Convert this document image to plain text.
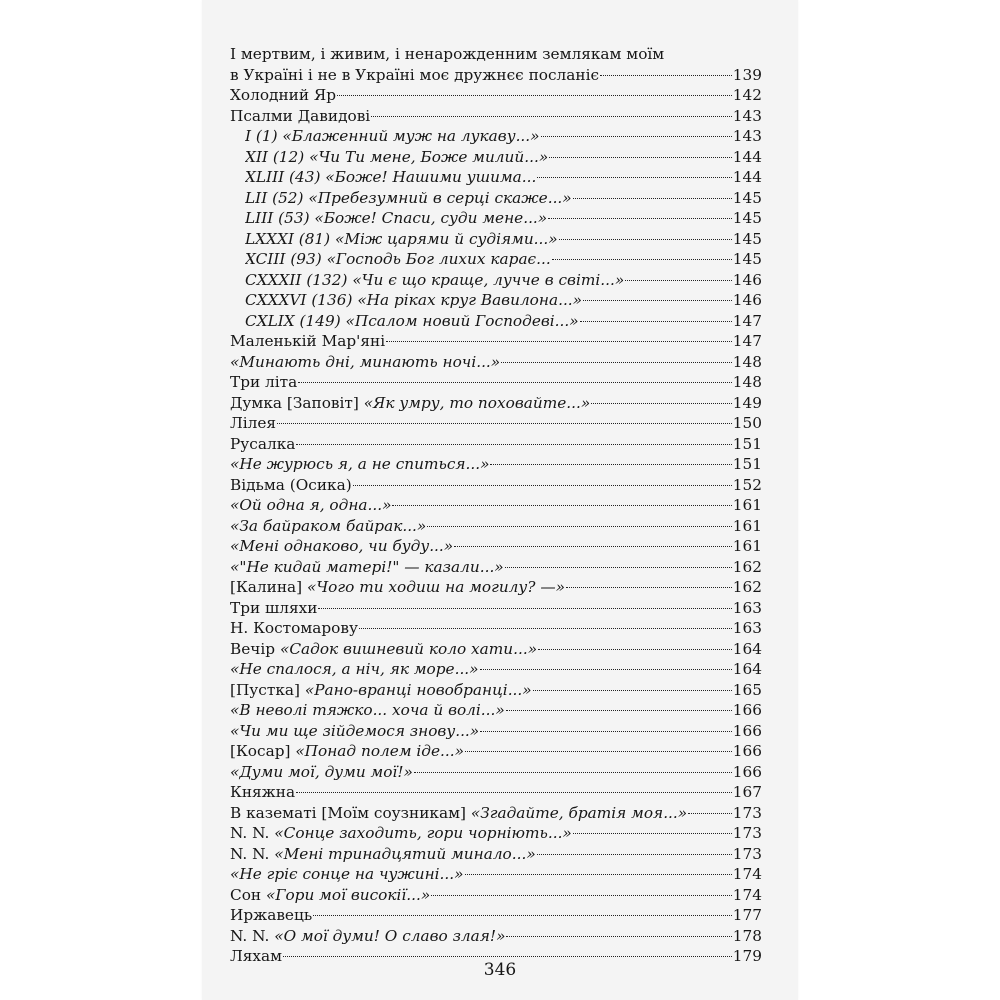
І мертвим, і живим, і ненарожденним землякам моїм
в Україні і не в Україні моє дружнєє посланіє	139
Холодний Яр	142
Псалми Давидові	143
I (1) «Блаженний муж на лукаву...»	143
XII (12) «Чи Ти мене, Боже милий...»	144
XLIII (43) «Боже! Нашими ушима...	144
LII (52) «Пребезумний в серці скаже...»	145
LIII (53) «Боже! Спаси, суди мене...»	145
LXXXI (81) «Між царями й судіями...»	145
XCIII (93) «Господь Бог лихих карає...	145
CXXXII (132) «Чи є що краще, лучче в світі...»	146
CXXXVI (136) «На ріках круг Вавилона...»	146
CXLIX (149) «Псалом новий Господеві...»	147
Маленькій Мар'яні	147
«Минають дні, минають ночі...»	148
Три літа	148
Думка [Заповіт] «Як умру, то поховайте...»	149
Лілея	150
Русалка	151
«Не журюсь я, а не спиться...»	151
Відьма (Осика)	152
«Ой одна я, одна...»	161
«За байраком байрак...»	161
«Мені однаково, чи буду...»	161
«"Не кидай матері!" — казали...»	162
[Калина] «Чого ти ходиш на могилу? —»	162
Три шляхи	163
Н. Костомарову	163
Вечір «Садок вишневий коло хати...»	164
«Не спалося, а ніч, як море...»	164
[Пустка] «Рано-вранці новобранці...»	165
«В неволі тяжко... хоча й волі...»	166
«Чи ми ще зійдемося знову...»	166
[Косар] «Понад полем іде...»	166
«Думи мої, думи мої!»	166
Княжна	167
В казематі [Моїм соузникам] «Згадайте, братія моя...»	173
N. N. «Сонце заходить, гори чорніють...»	173
N. N. «Мені тринадцятий минало...»	173
«Не гріє сонце на чужині...»	174
Сон «Гори мої високії...»	174
Иржавець	177
N. N. «О мої думи! О славо злая!»	178
Ляхам	179
346
